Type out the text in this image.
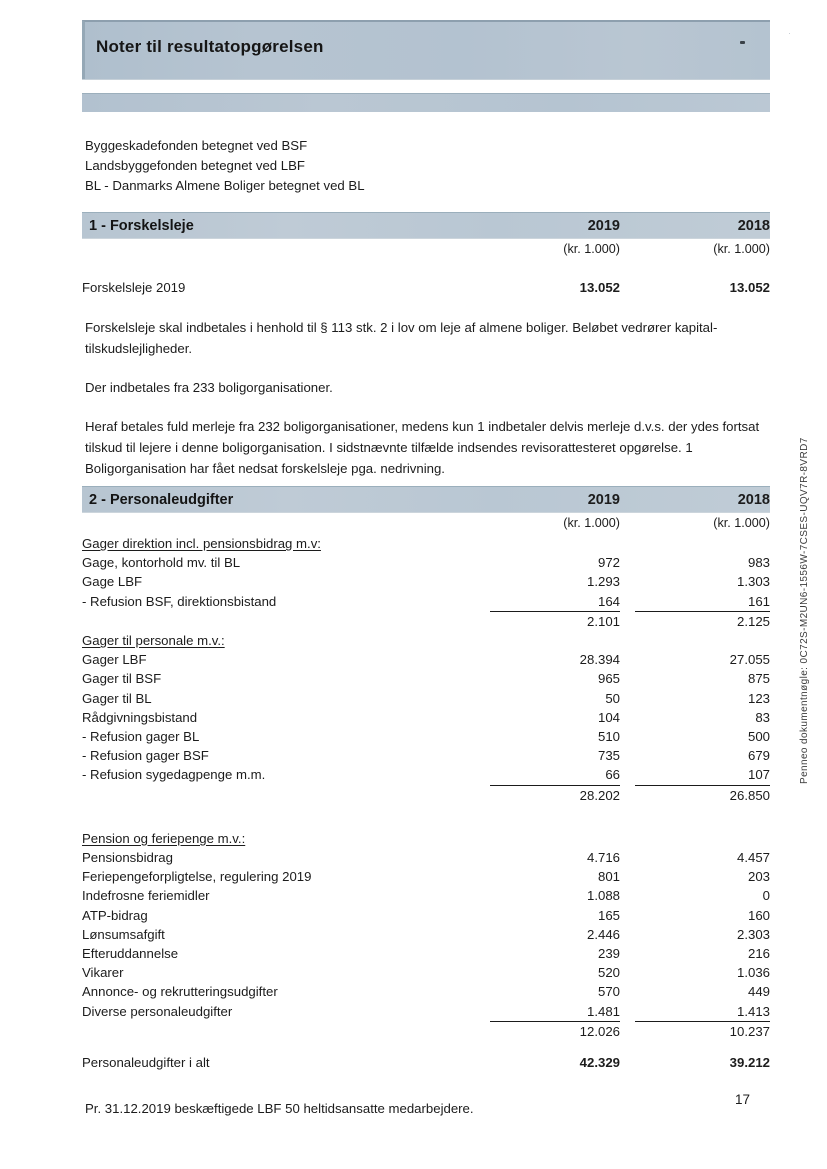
Noter til resultatopgørelsen
·
Byggeskadefonden betegnet ved BSF
Landsbyggefonden betegnet ved LBF
BL - Danmarks Almene Boliger betegnet ved BL
1 - Forskelsleje	2019	2018
(kr. 1.000)	(kr. 1.000)
Forskelsleje 2019	13.052	13.052
Forskelsleje skal indbetales i henhold til § 113 stk. 2 i lov om leje af almene boliger. Beløbet vedrører kapital-tilskudslejligheder.
Der indbetales fra 233 boligorganisationer.
Heraf betales fuld merleje fra 232 boligorganisationer, medens kun 1 indbetaler delvis merleje d.v.s. der ydes fortsat tilskud til lejere i denne boligorganisation. I sidstnævnte tilfælde indsendes revisorattesteret opgørelse. 1 Boligorganisation har fået nedsat forskelsleje pga. nedrivning.
2 - Personaleudgifter	2019	2018
(kr. 1.000)	(kr. 1.000)
Gager direktion incl. pensionsbidrag m.v:
Gage, kontorhold mv. til BL	972	983
Gage LBF	1.293	1.303
- Refusion BSF, direktionsbistand	164	161
2.101	2.125
Gager til personale m.v.:
Gager LBF	28.394	27.055
Gager til BSF	965	875
Gager til BL	50	123
Rådgivningsbistand	104	83
- Refusion gager BL	510	500
- Refusion gager BSF	735	679
- Refusion sygedagpenge m.m.	66	107
28.202	26.850
Pension og feriepenge m.v.:
Pensionsbidrag	4.716	4.457
Feriepengeforpligtelse, regulering 2019	801	203
Indefrosne feriemidler	1.088	0
ATP-bidrag	165	160
Lønsumsafgift	2.446	2.303
Efteruddannelse	239	216
Vikarer	520	1.036
Annonce- og rekrutteringsudgifter	570	449
Diverse personaleudgifter	1.481	1.413
12.026	10.237
Personaleudgifter i alt	42.329	39.212
Pr. 31.12.2019 beskæftigede LBF 50 heltidsansatte medarbejdere.
Penneo dokumentnøgle: 0C72S-M2UN6-1556W-7CSES-UQV7R-8VRD7
17
